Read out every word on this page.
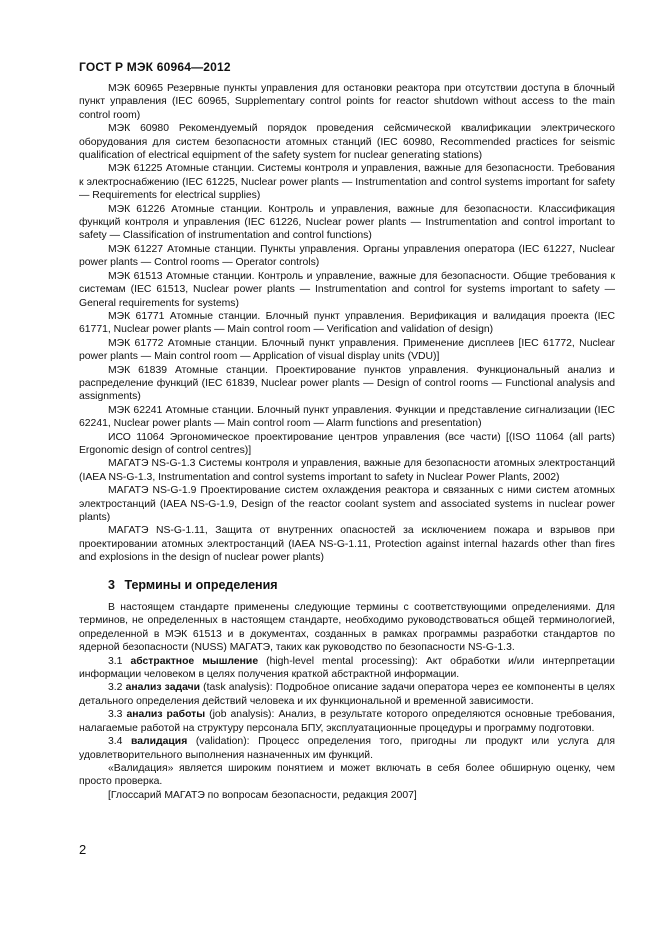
ГОСТ Р МЭК 60964—2012

МЭК 60965 Резервные пункты управления для остановки реактора при отсутствии доступа в блочный пункт управления (IEC 60965, Supplementary control points for reactor shutdown without access to the main control room)

МЭК 60980 Рекомендуемый порядок проведения сейсмической квалификации электрического оборудования для систем безопасности атомных станций (IEC 60980, Recommended practices for seismic qualification of electrical equipment of the safety system for nuclear generating stations)

МЭК 61225 Атомные станции. Системы контроля и управления, важные для безопасности. Требования к электроснабжению (IEC 61225, Nuclear power plants — Instrumentation and control systems important for safety — Requirements for electrical supplies)

МЭК 61226 Атомные станции. Контроль и управления, важные для безопасности. Классификация функций контроля и управления (IEC 61226, Nuclear power plants — Instrumentation and control important to safety — Classification of instrumentation and control functions)

МЭК 61227 Атомные станции. Пункты управления. Органы управления оператора (IEC 61227, Nuclear power plants — Control rooms — Operator controls)

МЭК 61513 Атомные станции. Контроль и управление, важные для безопасности. Общие требования к системам (IEC 61513, Nuclear power plants — Instrumentation and control for systems important to safety — General requirements for systems)

МЭК 61771 Атомные станции. Блочный пункт управления. Верификация и валидация проекта (IEC 61771, Nuclear power plants — Main control room — Verification and validation of design)

МЭК 61772 Атомные станции. Блочный пункт управления. Применение дисплеев [IEC 61772, Nuclear power plants — Main control room — Application of visual display units (VDU)]

МЭК 61839 Атомные станции. Проектирование пунктов управления. Функциональный анализ и распределение функций (IEC 61839, Nuclear power plants — Design of control rooms — Functional analysis and assignments)

МЭК 62241 Атомные станции. Блочный пункт управления. Функции и представление сигнализации (IEC 62241, Nuclear power plants — Main control room — Alarm functions and presentation)

ИСО 11064 Эргономическое проектирование центров управления (все части) [(ISO 11064 (all parts) Ergonomic design of control centres)]

МАГАТЭ NS-G-1.3 Системы контроля и управления, важные для безопасности атомных электростанций (IAEA NS-G-1.3, Instrumentation and control systems important to safety in Nuclear Power Plants, 2002)

МАГАТЭ NS-G-1.9 Проектирование систем охлаждения реактора и связанных с ними систем атомных электростанций (IAEA NS-G-1.9, Design of the reactor coolant system and associated systems in nuclear power plants)

МАГАТЭ NS-G-1.11, Защита от внутренних опасностей за исключением пожара и взрывов при проектировании атомных электростанций (IAEA NS-G-1.11, Protection against internal hazards other than fires and explosions in the design of nuclear power plants)

3 Термины и определения

В настоящем стандарте применены следующие термины с соответствующими определениями. Для терминов, не определенных в настоящем стандарте, необходимо руководствоваться общей терминологией, определенной в МЭК 61513 и в документах, созданных в рамках программы разработки стандартов по ядерной безопасности (NUSS) МАГАТЭ, таких как руководство по безопасности NS-G-1.3.

3.1 абстрактное мышление (high-level mental processing): Акт обработки и/или интерпретации информации человеком в целях получения краткой абстрактной информации.

3.2 анализ задачи (task analysis): Подробное описание задачи оператора через ее компоненты в целях детального определения действий человека и их функциональной и временной зависимости.

3.3 анализ работы (job analysis): Анализ, в результате которого определяются основные требования, налагаемые работой на структуру персонала БПУ, эксплуатационные процедуры и программу подготовки.

3.4 валидация (validation): Процесс определения того, пригодны ли продукт или услуга для удовлетворительного выполнения назначенных им функций.

«Валидация» является широким понятием и может включать в себя более обширную оценку, чем просто проверка.

[Глоссарий МАГАТЭ по вопросам безопасности, редакция 2007]

2
